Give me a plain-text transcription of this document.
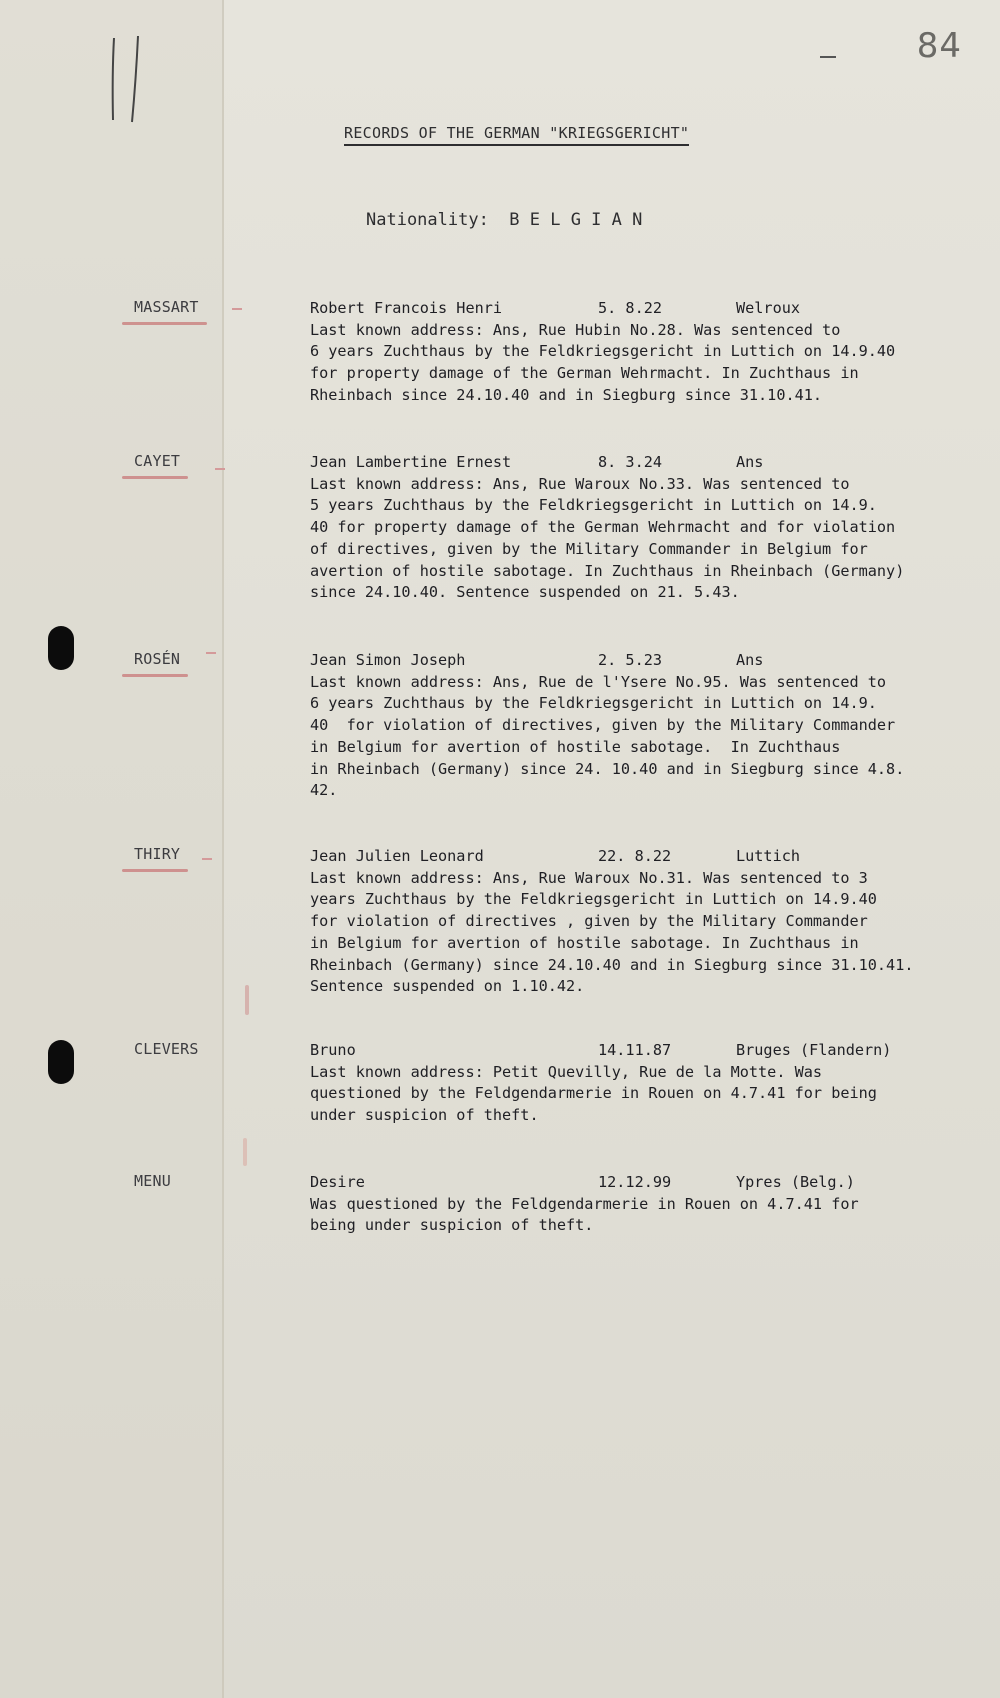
84
RECORDS OF THE GERMAN "KRIEGSGERICHT"
Nationality:  B E L G I A N
MASSART	Robert Francois Henri	5. 8.22	Welroux
Last known address: Ans, Rue Hubin No.28. Was sentenced to
6 years Zuchthaus by the Feldkriegsgericht in Luttich on 14.9.40
for property damage of the German Wehrmacht. In Zuchthaus in
Rheinbach since 24.10.40 and in Siegburg since 31.10.41.
CAYET	Jean Lambertine Ernest	8. 3.24	Ans
Last known address: Ans, Rue Waroux No.33. Was sentenced to
5 years Zuchthaus by the Feldkriegsgericht in Luttich on 14.9.
40 for property damage of the German Wehrmacht and for violation
of directives, given by the Military Commander in Belgium for
avertion of hostile sabotage. In Zuchthaus in Rheinbach (Germany)
since 24.10.40. Sentence suspended on 21. 5.43.
ROSÉN	Jean Simon Joseph	2. 5.23	Ans
Last known address: Ans, Rue de l'Ysere No.95. Was sentenced to
6 years Zuchthaus by the Feldkriegsgericht in Luttich on 14.9.
40  for violation of directives, given by the Military Commander
in Belgium for avertion of hostile sabotage.  In Zuchthaus
in Rheinbach (Germany) since 24. 10.40 and in Siegburg since 4.8.
42.
THIRY	Jean Julien Leonard	22. 8.22	Luttich
Last known address: Ans, Rue Waroux No.31. Was sentenced to 3
years Zuchthaus by the Feldkriegsgericht in Luttich on 14.9.40
for violation of directives , given by the Military Commander
in Belgium for avertion of hostile sabotage. In Zuchthaus in
Rheinbach (Germany) since 24.10.40 and in Siegburg since 31.10.41.
Sentence suspended on 1.10.42.
CLEVERS	Bruno	14.11.87	Bruges (Flandern)
Last known address: Petit Quevilly, Rue de la Motte. Was
questioned by the Feldgendarmerie in Rouen on 4.7.41 for being
under suspicion of theft.
MENU	Desire	12.12.99	Ypres (Belg.)
Was questioned by the Feldgendarmerie in Rouen on 4.7.41 for
being under suspicion of theft.
